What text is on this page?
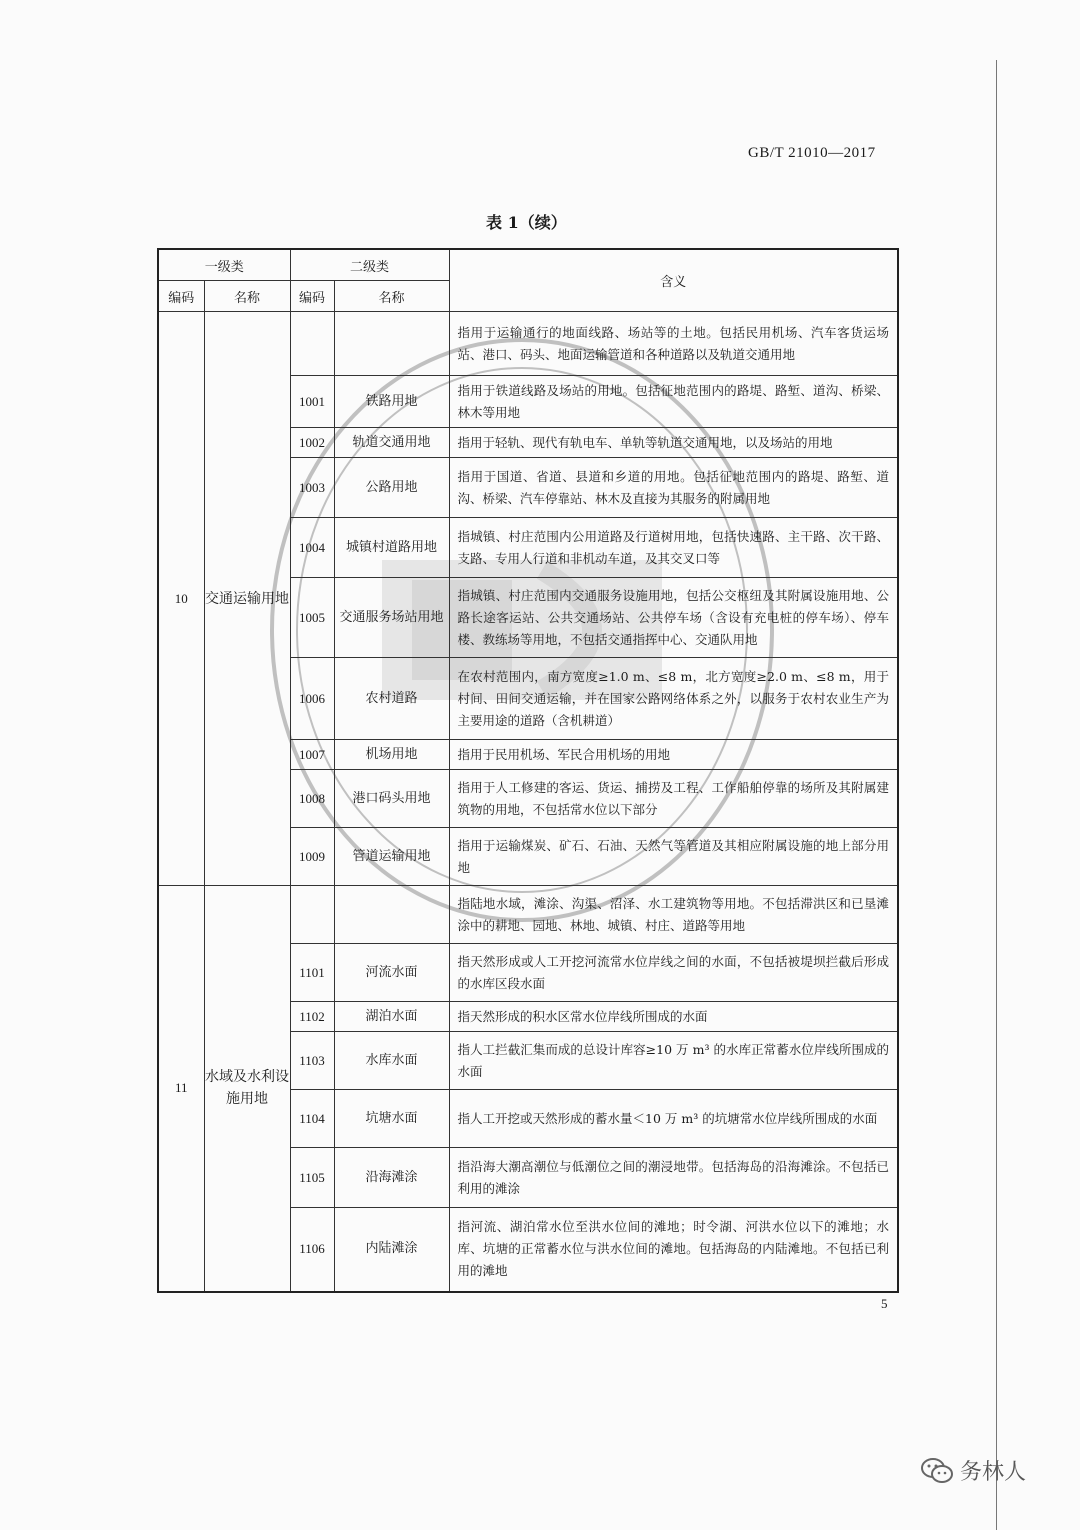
GB/T 21010—2017
表 1（续）
一级类		二级类		含义
编码	名称	编码	名称	
10	交通运输用地			指用于运输通行的地面线路、场站等的土地。包括民用机场、汽车客货运场站、港口、码头、地面运输管道和各种道路以及轨道交通用地
		1001	铁路用地	指用于铁道线路及场站的用地。包括征地范围内的路堤、路堑、道沟、桥梁、林木等用地
		1002	轨道交通用地	指用于轻轨、现代有轨电车、单轨等轨道交通用地，以及场站的用地
		1003	公路用地	指用于国道、省道、县道和乡道的用地。包括征地范围内的路堤、路堑、道沟、桥梁、汽车停靠站、林木及直接为其服务的附属用地
		1004	城镇村道路用地	指城镇、村庄范围内公用道路及行道树用地，包括快速路、主干路、次干路、支路、专用人行道和非机动车道，及其交叉口等
		1005	交通服务场站用地	指城镇、村庄范围内交通服务设施用地，包括公交枢纽及其附属设施用地、公路长途客运站、公共交通场站、公共停车场（含设有充电桩的停车场）、停车楼、教练场等用地，不包括交通指挥中心、交通队用地
		1006	农村道路	在农村范围内，南方宽度≥1.0 m、≤8 m，北方宽度≥2.0 m、≤8 m，用于村间、田间交通运输，并在国家公路网络体系之外，以服务于农村农业生产为主要用途的道路（含机耕道）
		1007	机场用地	指用于民用机场、军民合用机场的用地
		1008	港口码头用地	指用于人工修建的客运、货运、捕捞及工程、工作船舶停靠的场所及其附属建筑物的用地，不包括常水位以下部分
		1009	管道运输用地	指用于运输煤炭、矿石、石油、天然气等管道及其相应附属设施的地上部分用地
11	水域及水利设施用地			指陆地水域，滩涂、沟渠、沼泽、水工建筑物等用地。不包括滞洪区和已垦滩涂中的耕地、园地、林地、城镇、村庄、道路等用地
		1101	河流水面	指天然形成或人工开挖河流常水位岸线之间的水面，不包括被堤坝拦截后形成的水库区段水面
		1102	湖泊水面	指天然形成的积水区常水位岸线所围成的水面
		1103	水库水面	指人工拦截汇集而成的总设计库容≥10 万 m³ 的水库正常蓄水位岸线所围成的水面
		1104	坑塘水面	指人工开挖或天然形成的蓄水量＜10 万 m³ 的坑塘常水位岸线所围成的水面
		1105	沿海滩涂	指沿海大潮高潮位与低潮位之间的潮浸地带。包括海岛的沿海滩涂。不包括已利用的滩涂
		1106	内陆滩涂	指河流、湖泊常水位至洪水位间的滩地；时令湖、河洪水位以下的滩地；水库、坑塘的正常蓄水位与洪水位间的滩地。包括海岛的内陆滩地。不包括已利用的滩地
5
务林人
